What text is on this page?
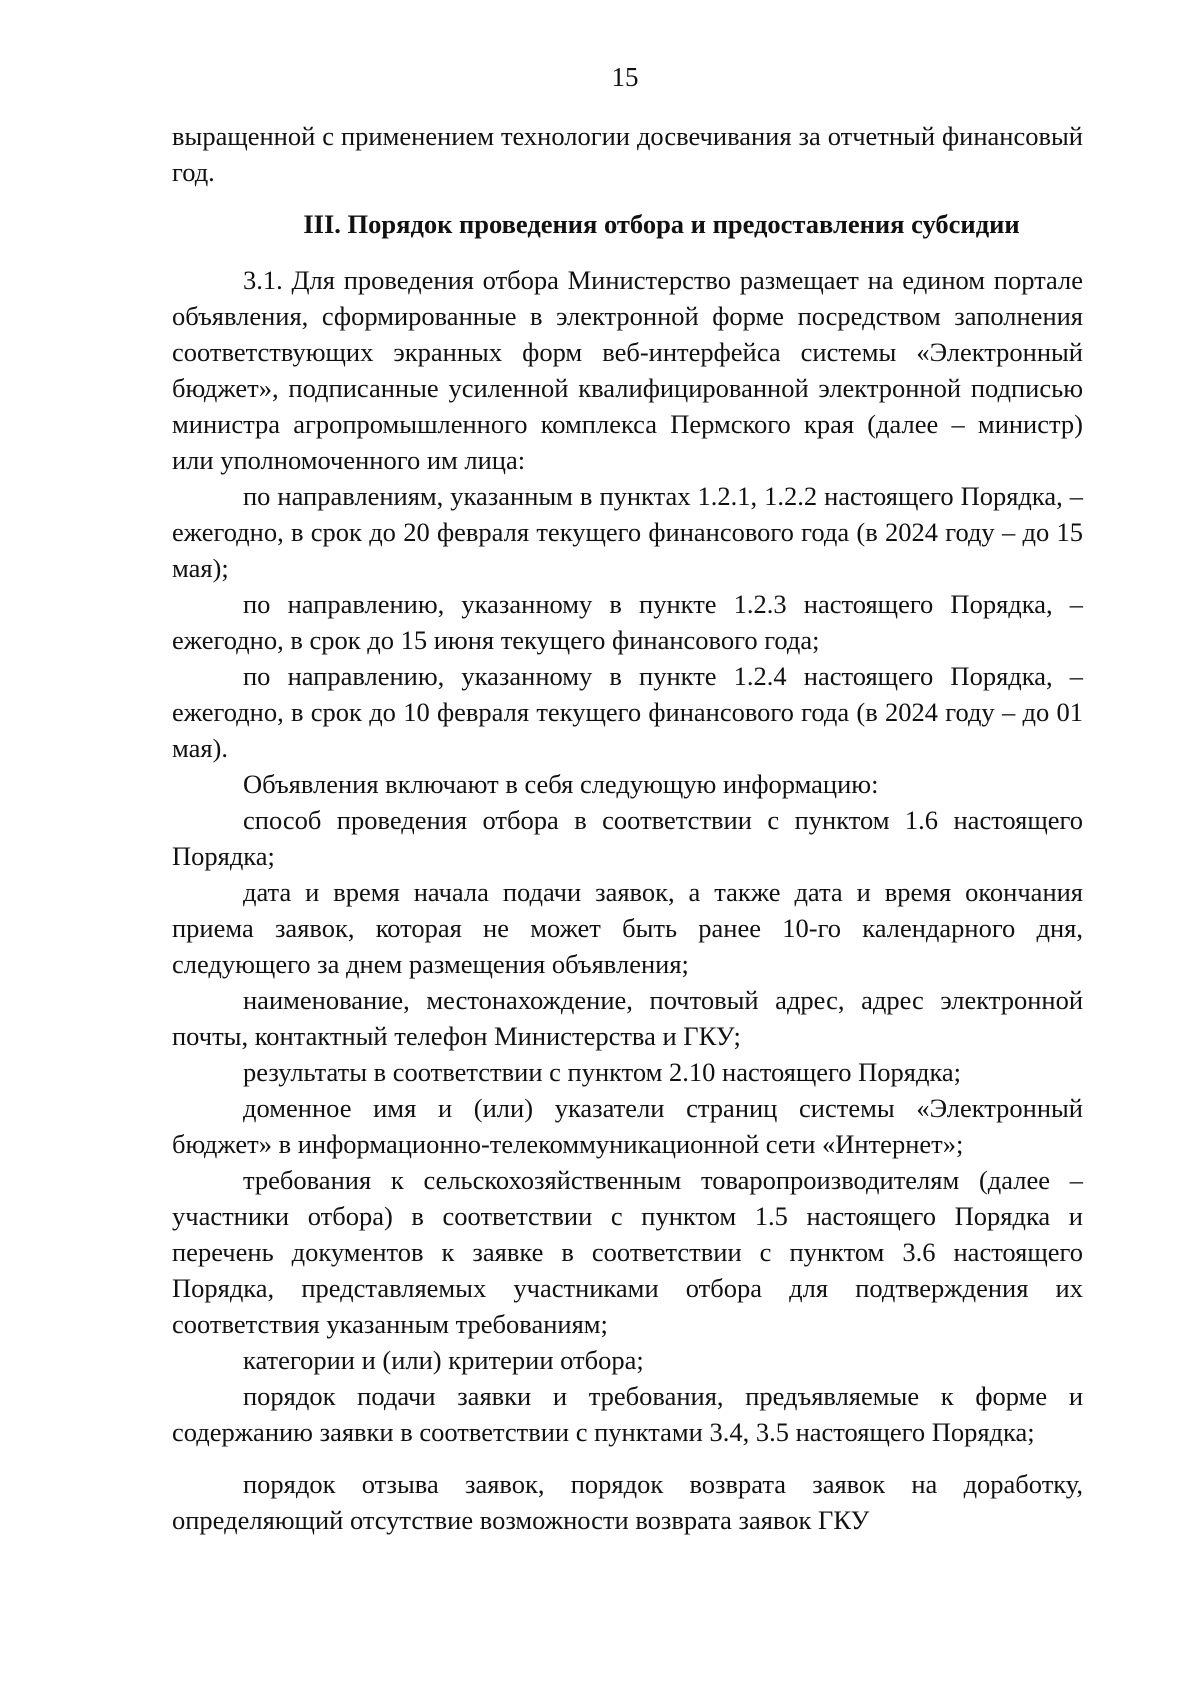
15

выращенной с применением технологии досвечивания за отчетный финансовый год.

III. Порядок проведения отбора и предоставления субсидии

3.1. Для проведения отбора Министерство размещает на едином портале объявления, сформированные в электронной форме посредством заполнения соответствующих экранных форм веб-интерфейса системы «Электронный бюджет», подписанные усиленной квалифицированной электронной подписью министра агропромышленного комплекса Пермского края (далее – министр) или уполномоченного им лица:

по направлениям, указанным в пунктах 1.2.1, 1.2.2 настоящего Порядка, – ежегодно, в срок до 20 февраля текущего финансового года (в 2024 году – до 15 мая);

по направлению, указанному в пункте 1.2.3 настоящего Порядка, – ежегодно, в срок до 15 июня текущего финансового года;

по направлению, указанному в пункте 1.2.4 настоящего Порядка, – ежегодно, в срок до 10 февраля текущего финансового года (в 2024 году – до 01 мая).

Объявления включают в себя следующую информацию:

способ проведения отбора в соответствии с пунктом 1.6 настоящего Порядка;

дата и время начала подачи заявок, а также дата и время окончания приема заявок, которая не может быть ранее 10-го календарного дня, следующего за днем размещения объявления;

наименование, местонахождение, почтовый адрес, адрес электронной почты, контактный телефон Министерства и ГКУ;

результаты в соответствии с пунктом 2.10 настоящего Порядка;

доменное имя и (или) указатели страниц системы «Электронный бюджет» в информационно-телекоммуникационной сети «Интернет»;

требования к сельскохозяйственным товаропроизводителям (далее – участники отбора) в соответствии с пунктом 1.5 настоящего Порядка и перечень документов к заявке в соответствии с пунктом 3.6 настоящего Порядка, представляемых участниками отбора для подтверждения их соответствия указанным требованиям;

категории и (или) критерии отбора;

порядок подачи заявки и требования, предъявляемые к форме и содержанию заявки в соответствии с пунктами 3.4, 3.5 настоящего Порядка;

порядок отзыва заявок, порядок возврата заявок на доработку, определяющий отсутствие возможности возврата заявок ГКУ
